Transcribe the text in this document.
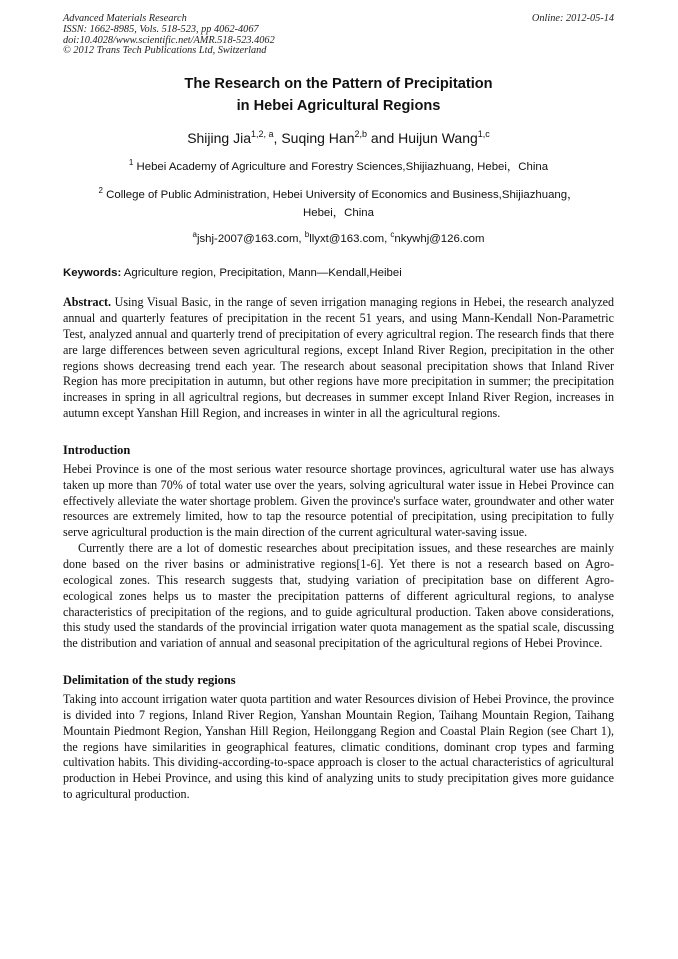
Advanced Materials Research
ISSN: 1662-8985, Vols. 518-523, pp 4062-4067
doi:10.4028/www.scientific.net/AMR.518-523.4062
© 2012 Trans Tech Publications Ltd, Switzerland
Online: 2012-05-14
The Research on the Pattern of Precipitation
in Hebei Agricultural Regions
Shijing Jia$^{1,2, a}$, Suqing Han$^{2,b}$ and Huijun Wang$^{1,c}$
$^1$ Hebei Academy of Agriculture and Forestry Sciences,Shijiazhuang, Hebei，China
$^2$ College of Public Administration, Hebei University of Economics and Business,Shijiazhuang，
Hebei，China
$^a$jshj-2007@163.com, $^b$llyxt@163.com, $^c$nkywhj@126.com
Keywords: Agriculture region, Precipitation, Mann—Kendall,Heibei

Abstract. Using Visual Basic, in the range of seven irrigation managing regions in Hebei, the research analyzed annual and quarterly features of precipitation in the recent 51 years, and using Mann-Kendall Non-Parametric Test, analyzed annual and quarterly trend of precipitation of every agricultral region. The research finds that there are large differences between seven agricultural regions, except Inland River Region, precipitation in the other regions shows decreasing trend each year. The research about seasonal precipitation shows that Inland River Region has more precipitation in autumn, but other regions have more precipitation in summer; the precipitation increases in spring in all agricultral regions, but decreases in summer except Inland River Region, increases in autumn except Yanshan Hill Region, and increases in winter in all the agricultural regions.

Introduction

Hebei Province is one of the most serious water resource shortage provinces, agricultural water use has always taken up more than 70% of total water use over the years, solving agricultural water issue in Hebei Province can effectively alleviate the water shortage problem. Given the province's surface water, groundwater and other water resources are extremely limited, how to tap the resource potential of precipitation, using precipitation to fully serve agricultural production is the main direction of the current agricultural water-saving issue.

Currently there are a lot of domestic researches about precipitation issues, and these researches are mainly done based on the river basins or administrative regions[1-6]. Yet there is not a research based on Agro-ecological zones. This research suggests that, studying variation of precipitation base on different Agro-ecological zones helps us to master the precipitation patterns of different agricultural regions, to analyse characteristics of precipitation of the regions, and to guide agricultural production. Taken above considerations, this study used the standards of the provincial irrigation water quota management as the spatial scale, discussing the distribution and variation of annual and seasonal precipitation of the agricultural regions of Hebei Province.

Delimitation of the study regions

Taking into account irrigation water quota partition and water Resources division of Hebei Province, the province is divided into 7 regions, Inland River Region, Yanshan Mountain Region, Taihang Mountain Region, Taihang Mountain Piedmont Region, Yanshan Hill Region, Heilonggang Region and Coastal Plain Region (see Chart 1), the regions have similarities in geographical features, climatic conditions, dominant crop types and farming cultivation habits. This dividing-according-to-space approach is closer to the actual characteristics of agricultural production in Hebei Province, and using this kind of analyzing units to study precipitation gives more guidance to agricultural production.
